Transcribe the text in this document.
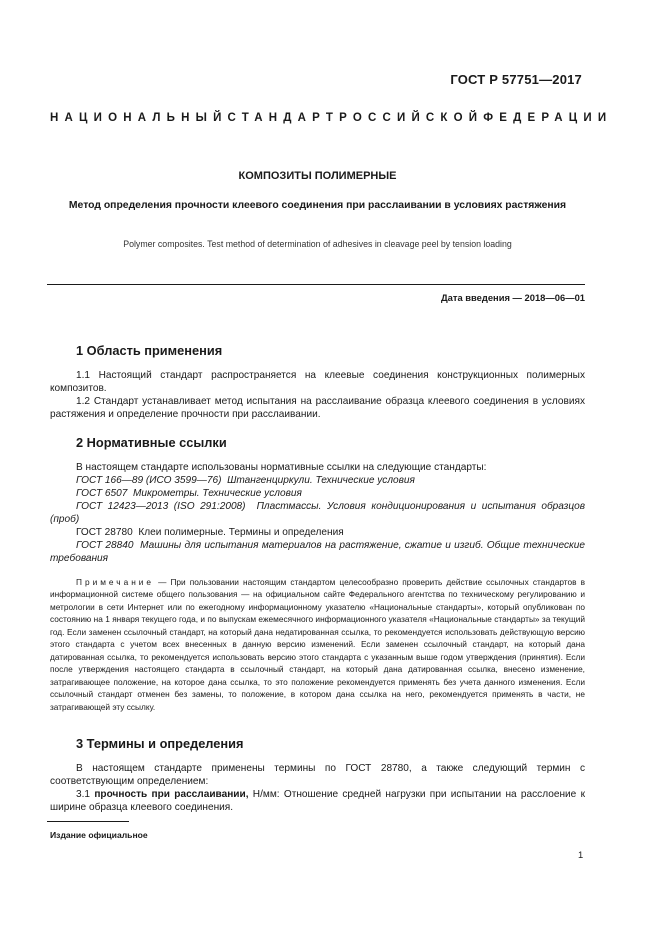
ГОСТ Р 57751—2017
НАЦИОНАЛЬНЫЙ СТАНДАРТ РОССИЙСКОЙ ФЕДЕРАЦИИ
КОМПОЗИТЫ ПОЛИМЕРНЫЕ
Метод определения прочности клеевого соединения при расслаивании в условиях растяжения
Polymer composites. Test method of determination of adhesives in cleavage peel by tension loading
Дата введения — 2018—06—01
1 Область применения
1.1 Настоящий стандарт распространяется на клеевые соединения конструкционных полимерных композитов.
1.2 Стандарт устанавливает метод испытания на расслаивание образца клеевого соединения в условиях растяжения и определение прочности при расслаивании.
2 Нормативные ссылки
В настоящем стандарте использованы нормативные ссылки на следующие стандарты:
ГОСТ 166—89 (ИСО 3599—76) Штангенциркули. Технические условия
ГОСТ 6507 Микрометры. Технические условия
ГОСТ 12423—2013 (ISO 291:2008) Пластмассы. Условия кондиционирования и испытания образцов (проб)
ГОСТ 28780 Клеи полимерные. Термины и определения
ГОСТ 28840 Машины для испытания материалов на растяжение, сжатие и изгиб. Общие технические требования
Примечание — При пользовании настоящим стандартом целесообразно проверить действие ссылочных стандартов в информационной системе общего пользования — на официальном сайте Федерального агентства по техническому регулированию и метрологии в сети Интернет или по ежегодному информационному указателю «Национальные стандарты», который опубликован по состоянию на 1 января текущего года, и по выпускам ежемесячного информационного указателя «Национальные стандарты» за текущий год. Если заменен ссылочный стандарт, на который дана недатированная ссылка, то рекомендуется использовать действующую версию этого стандарта с учетом всех внесенных в данную версию изменений. Если заменен ссылочный стандарт, на который дана датированная ссылка, то рекомендуется использовать версию этого стандарта с указанным выше годом утверждения (принятия). Если после утверждения настоящего стандарта в ссылочный стандарт, на который дана датированная ссылка, внесено изменение, затрагивающее положение, на которое дана ссылка, то это положение рекомендуется применять без учета данного изменения. Если ссылочный стандарт отменен без замены, то положение, в котором дана ссылка на него, рекомендуется применять в части, не затрагивающей эту ссылку.
3 Термины и определения
В настоящем стандарте применены термины по ГОСТ 28780, а также следующий термин с соответствующим определением:
3.1 прочность при расслаивании, Н/мм: Отношение средней нагрузки при испытании на расслоение к ширине образца клеевого соединения.
Издание официальное
1
